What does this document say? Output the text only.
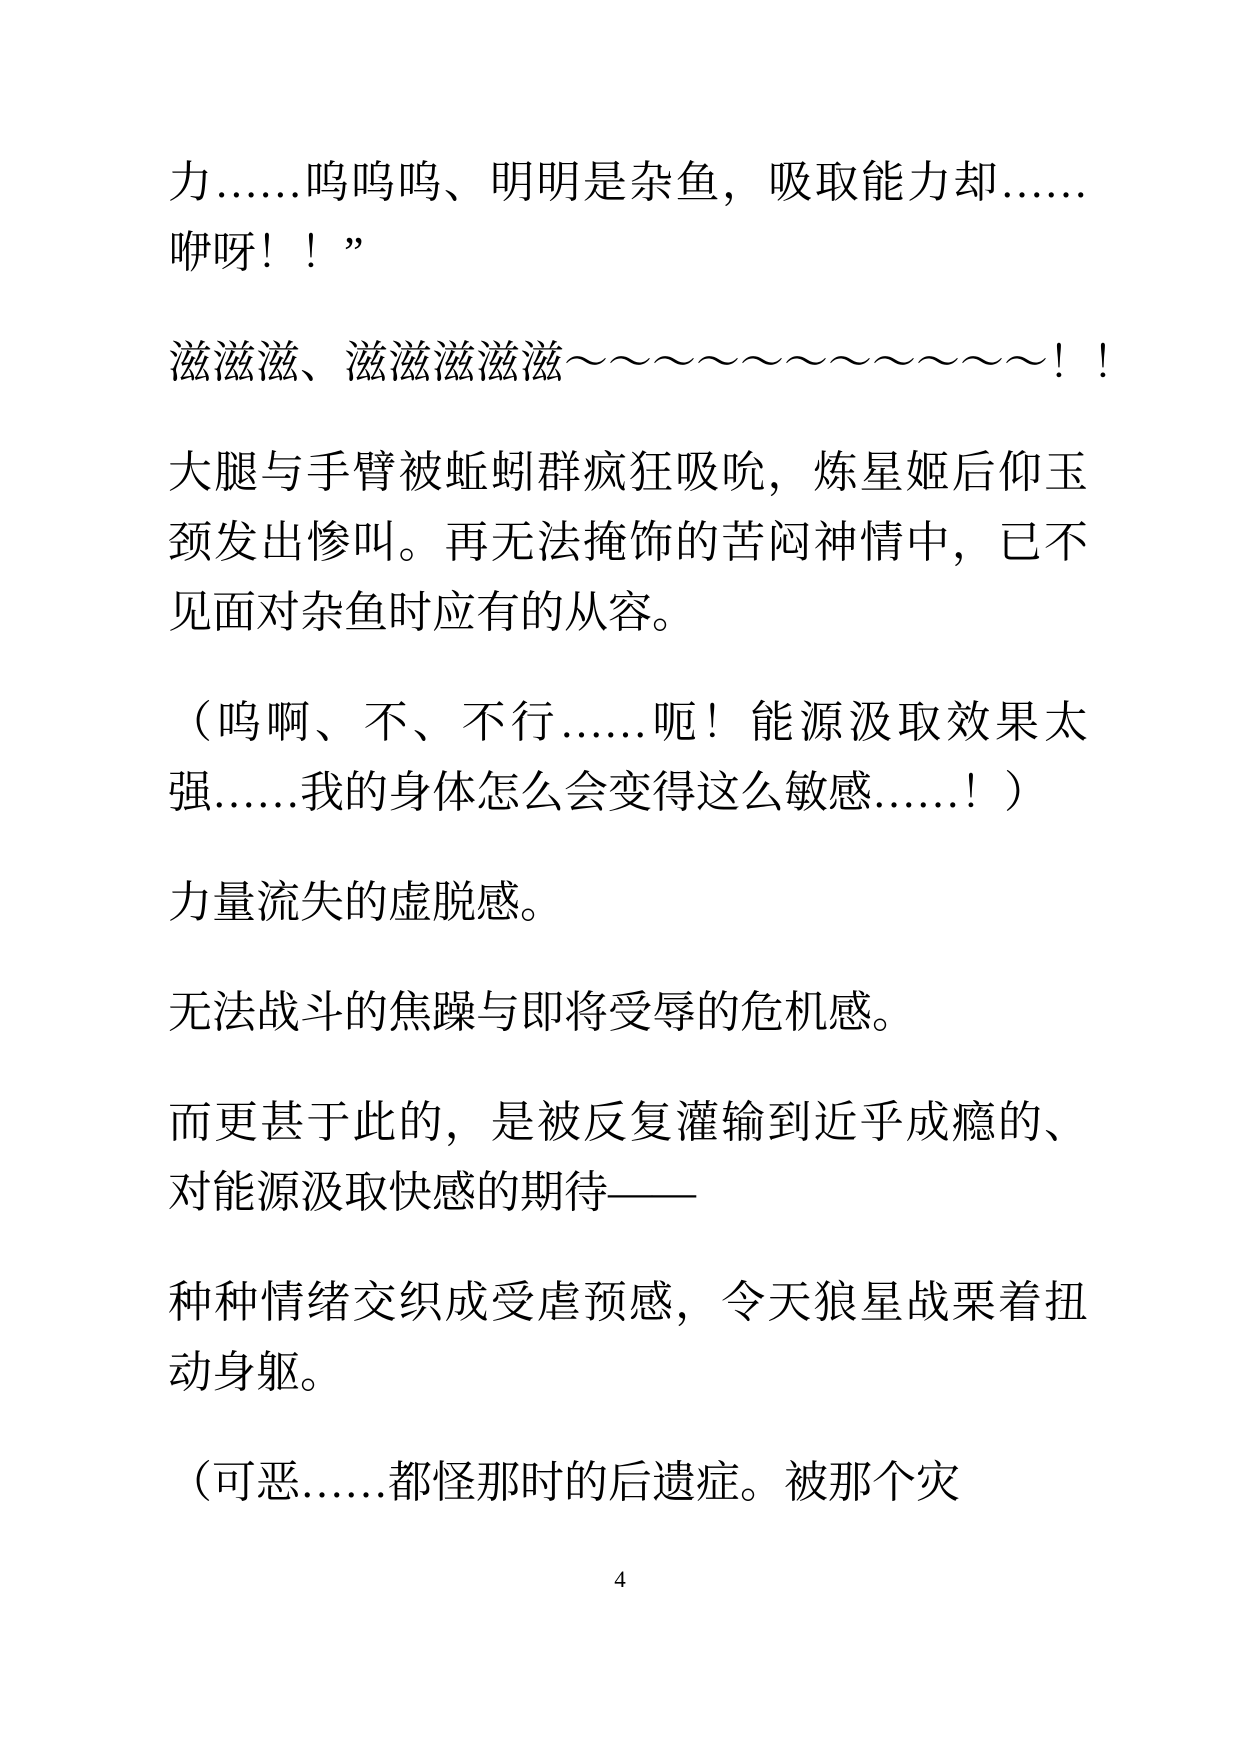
力……呜呜呜、明明是杂鱼，吸取能力却……咿呀！！”

滋滋滋、滋滋滋滋滋～～～～～～～～～～～！！

大腿与手臂被蚯蚓群疯狂吸吮，炼星姬后仰玉颈发出惨叫。再无法掩饰的苦闷神情中，已不见面对杂鱼时应有的从容。

（呜啊、不、不行……呃！能源汲取效果太强……我的身体怎么会变得这么敏感……！）

力量流失的虚脱感。

无法战斗的焦躁与即将受辱的危机感。

而更甚于此的，是被反复灌输到近乎成瘾的、对能源汲取快感的期待——

种种情绪交织成受虐预感，令天狼星战栗着扭动身躯。

（可恶……都怪那时的后遗症。被那个灾

4
